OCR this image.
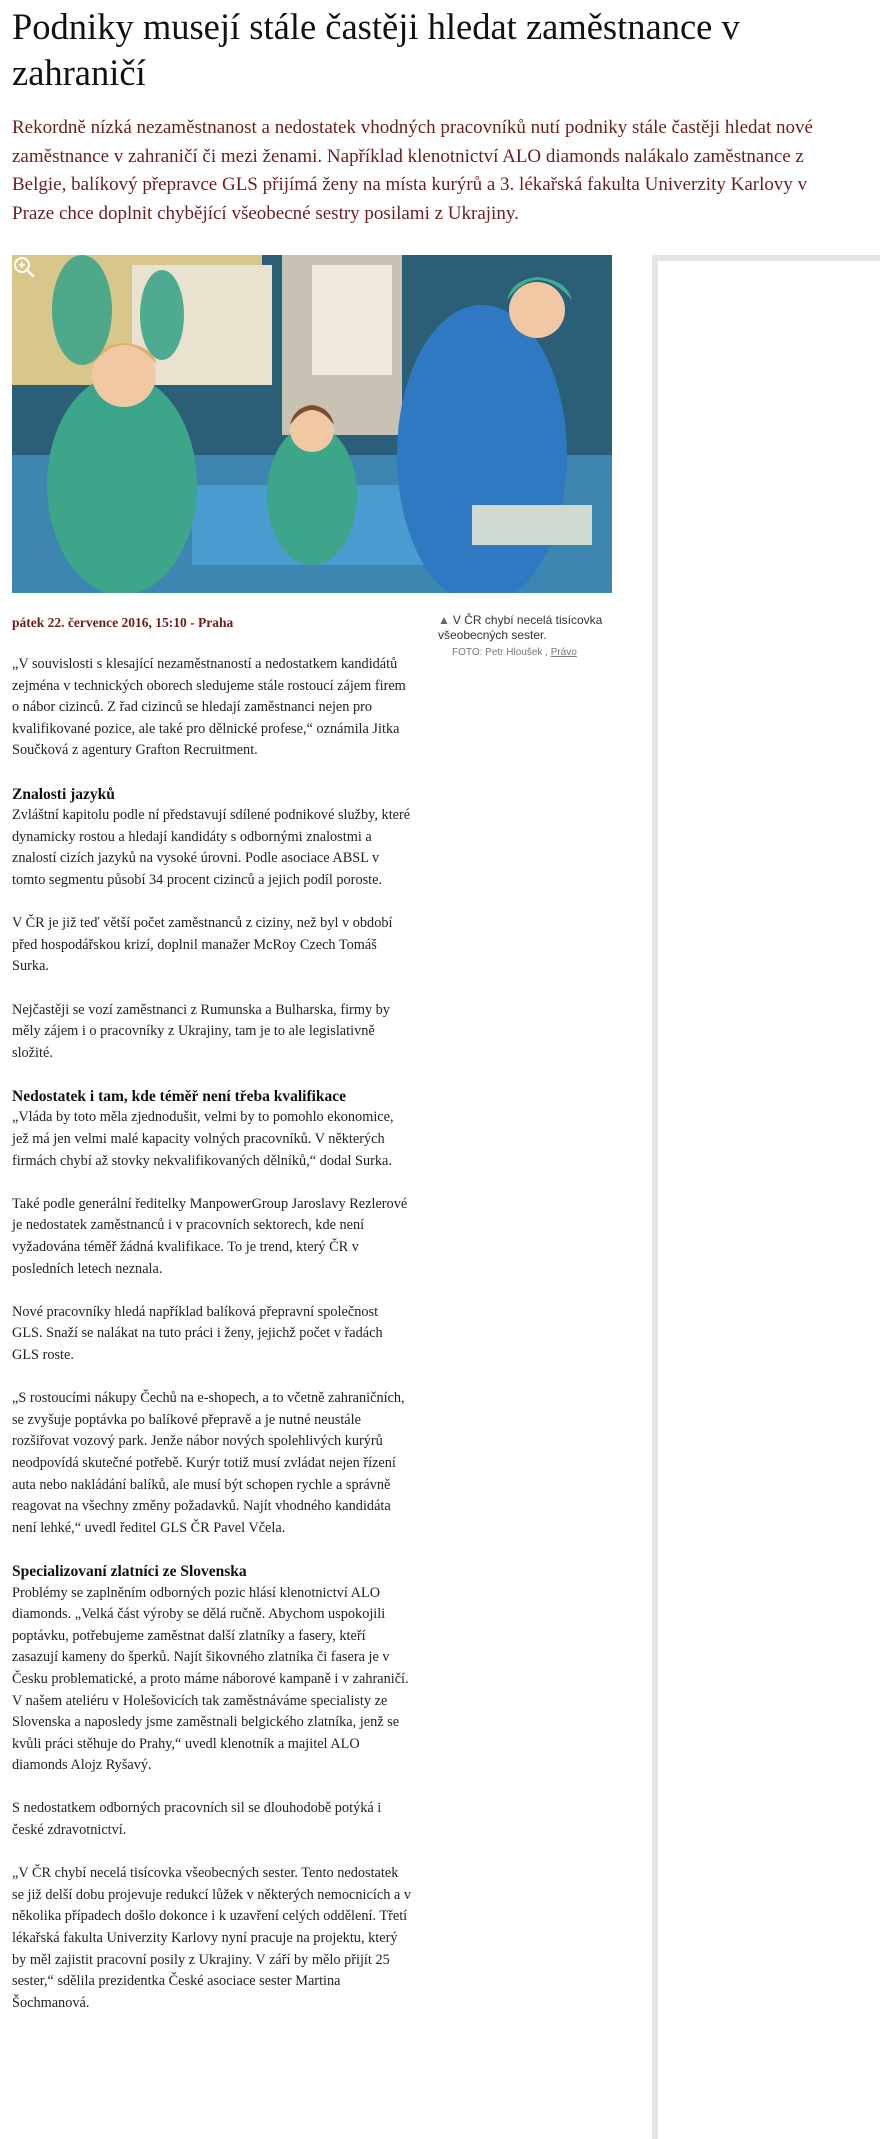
Podniky musejí stále častěji hledat zaměstnance v zahraničí

Rekordně nízká nezaměstnanost a nedostatek vhodných pracovníků nutí podniky stále častěji hledat nové zaměstnance v zahraničí či mezi ženami. Například klenotnictví ALO diamonds nalákalo zaměstnance z Belgie, balíkový přepravce GLS přijímá ženy na místa kurýrů a 3. lékařská fakulta Univerzity Karlovy v Praze chce doplnit chybějící všeobecné sestry posilami z Ukrajiny.

▲ V ČR chybí necelá tisícovka všeobecných sester.
FOTO: Petr Hloušek , Právo
pátek 22. července 2016, 15:10 - Praha

„V souvislosti s klesající nezaměstnaností a nedostatkem kandidátů zejména v technických oborech sledujeme stále rostoucí zájem firem o nábor cizinců. Z řad cizinců se hledají zaměstnanci nejen pro kvalifikované pozice, ale také pro dělnické profese,“ oznámila Jitka Součková z agentury Grafton Recruitment.

Znalosti jazyků

Zvláštní kapitolu podle ní představují sdílené podnikové služby, které dynamicky rostou a hledají kandidáty s odbornými znalostmi a znalostí cizích jazyků na vysoké úrovni. Podle asociace ABSL v tomto segmentu působí 34 procent cizinců a jejich podíl poroste.

V ČR je již teď větší počet zaměstnanců z ciziny, než byl v období před hospodářskou krizí, doplnil manažer McRoy Czech Tomáš Surka.

Nejčastěji se vozí zaměstnanci z Rumunska a Bulharska, firmy by měly zájem i o pracovníky z Ukrajiny, tam je to ale legislativně složité.

Nedostatek i tam, kde téměř není třeba kvalifikace

„Vláda by toto měla zjednodušit, velmi by to pomohlo ekonomice, jež má jen velmi malé kapacity volných pracovníků. V některých firmách chybí až stovky nekvalifikovaných dělníků,“ dodal Surka.

Také podle generální ředitelky ManpowerGroup Jaroslavy Rezlerové je nedostatek zaměstnanců i v pracovních sektorech, kde není vyžadována téměř žádná kvalifikace. To je trend, který ČR v posledních letech neznala.

Nové pracovníky hledá například balíková přepravní společnost GLS. Snaží se nalákat na tuto práci i ženy, jejichž počet v řadách GLS roste.

„S rostoucími nákupy Čechů na e-shopech, a to včetně zahraničních, se zvyšuje poptávka po balíkové přepravě a je nutné neustále rozšiřovat vozový park. Jenže nábor nových spolehlivých kurýrů neodpovídá skutečné potřebě. Kurýr totiž musí zvládat nejen řízení auta nebo nakládání balíků, ale musí být schopen rychle a správně reagovat na všechny změny požadavků. Najít vhodného kandidáta není lehké,“ uvedl ředitel GLS ČR Pavel Včela.

Specializovaní zlatníci ze Slovenska

Problémy se zaplněním odborných pozic hlásí klenotnictví ALO diamonds. „Velká část výroby se dělá ručně. Abychom uspokojili poptávku, potřebujeme zaměstnat další zlatníky a fasery, kteří zasazují kameny do šperků. Najít šikovného zlatníka či fasera je v Česku problematické, a proto máme náborové kampaně i v zahraničí. V našem ateliéru v Holešovicích tak zaměstnáváme specialisty ze Slovenska a naposledy jsme zaměstnali belgického zlatníka, jenž se kvůli práci stěhuje do Prahy,“ uvedl klenotník a majitel ALO diamonds Alojz Ryšavý.

S nedostatkem odborných pracovních sil se dlouhodobě potýká i české zdravotnictví.

„V ČR chybí necelá tisícovka všeobecných sester. Tento nedostatek se již delší dobu projevuje redukcí lůžek v některých nemocnicích a v několika případech došlo dokonce i k uzavření celých oddělení. Třetí lékařská fakulta Univerzity Karlovy nyní pracuje na projektu, který by měl zajistit pracovní posily z Ukrajiny. V září by mělo přijít 25 sester,“ sdělila prezidentka České asociace sester Martina Šochmanová.
